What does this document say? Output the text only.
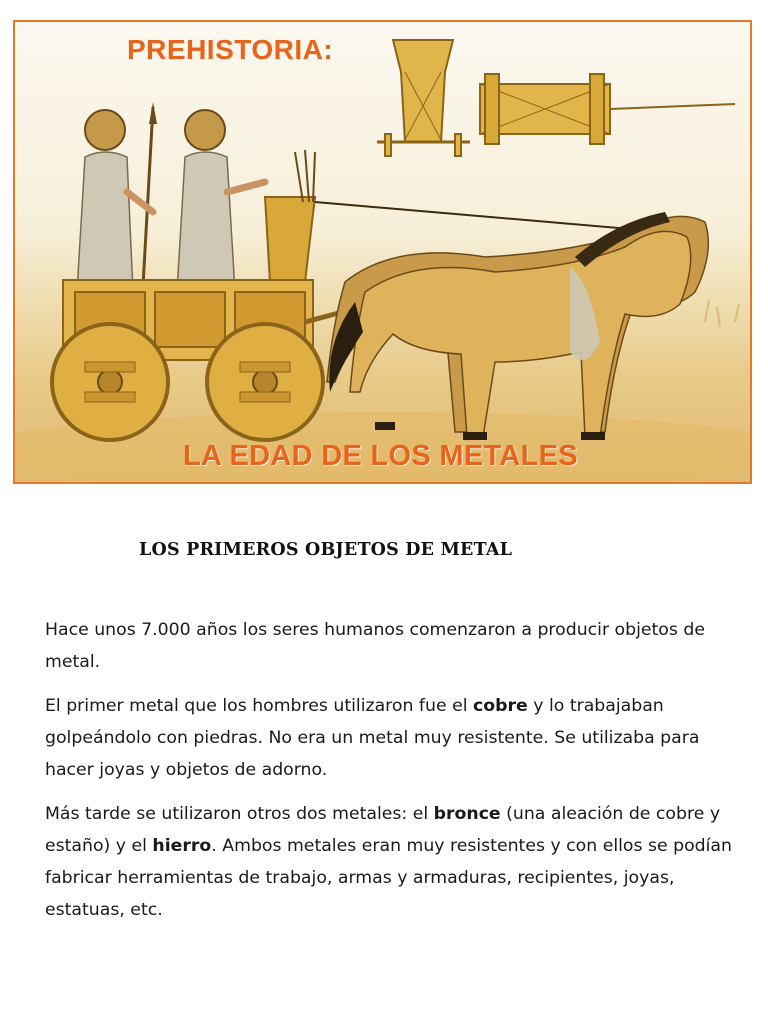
PREHISTORIA:
LA EDAD DE LOS METALES
LOS PRIMEROS OBJETOS DE METAL

Hace unos 7.000 años los seres humanos comenzaron a producir objetos de metal.

El primer metal que los hombres utilizaron fue el cobre y lo trabajaban golpeándolo con piedras. No era un metal muy resistente. Se utilizaba para hacer joyas y objetos de adorno.

Más tarde se utilizaron otros dos metales: el bronce (una aleación de cobre y estaño) y el hierro. Ambos metales eran muy resistentes y con ellos se podían fabricar herramientas de trabajo, armas y armaduras, recipientes, joyas, estatuas, etc.
